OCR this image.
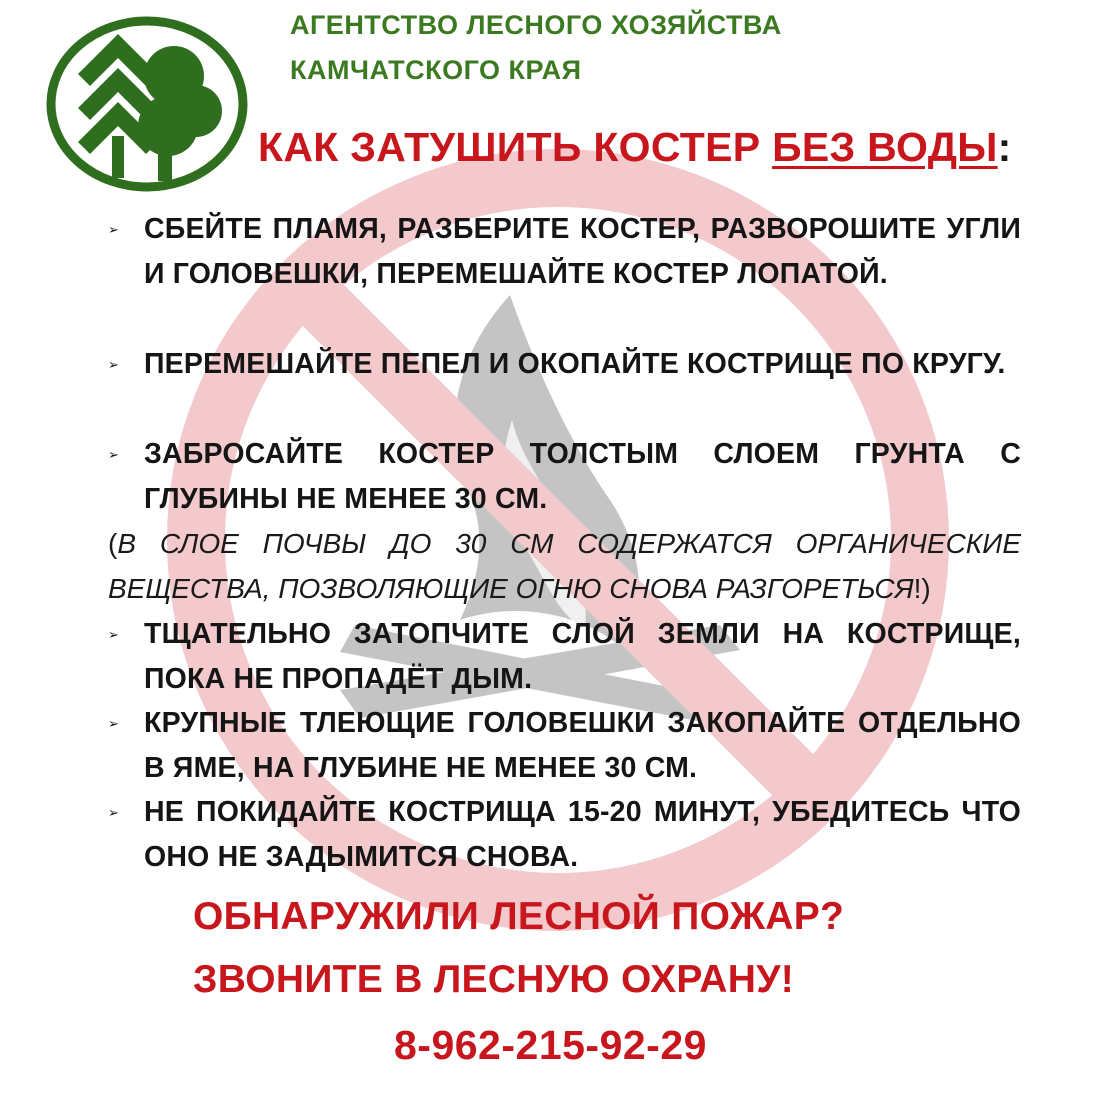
АГЕНТСТВО ЛЕСНОГО ХОЗЯЙСТВА
КАМЧАТСКОГО КРАЯ
КАК ЗАТУШИТЬ КОСТЕР БЕЗ ВОДЫ:
➢ СБЕЙТЕ ПЛАМЯ, РАЗБЕРИТЕ КОСТЕР, РАЗВОРОШИТЕ УГЛИ И ГОЛОВЕШКИ, ПЕРЕМЕШАЙТЕ КОСТЕР ЛОПАТОЙ.
➢ ПЕРЕМЕШАЙТЕ ПЕПЕЛ И ОКОПАЙТЕ КОСТРИЩЕ ПО КРУГУ.
➢ ЗАБРОСАЙТЕ КОСТЕР ТОЛСТЫМ СЛОЕМ ГРУНТА С ГЛУБИНЫ НЕ МЕНЕЕ 30 СМ.
(В СЛОЕ ПОЧВЫ ДО 30 СМ СОДЕРЖАТСЯ ОРГАНИЧЕСКИЕ ВЕЩЕСТВА, ПОЗВОЛЯЮЩИЕ ОГНЮ СНОВА РАЗГОРЕТЬСЯ!)
➢ ТЩАТЕЛЬНО ЗАТОПЧИТЕ СЛОЙ ЗЕМЛИ НА КОСТРИЩЕ, ПОКА НЕ ПРОПАДЁТ ДЫМ.
➢ КРУПНЫЕ ТЛЕЮЩИЕ ГОЛОВЕШКИ ЗАКОПАЙТЕ ОТДЕЛЬНО В ЯМЕ, НА ГЛУБИНЕ НЕ МЕНЕЕ 30 СМ.
➢ НЕ ПОКИДАЙТЕ КОСТРИЩА 15-20 МИНУТ, УБЕДИТЕСЬ ЧТО ОНО НЕ ЗАДЫМИТСЯ СНОВА.
ОБНАРУЖИЛИ ЛЕСНОЙ ПОЖАР?
ЗВОНИТЕ В ЛЕСНУЮ ОХРАНУ!
8-962-215-92-29
